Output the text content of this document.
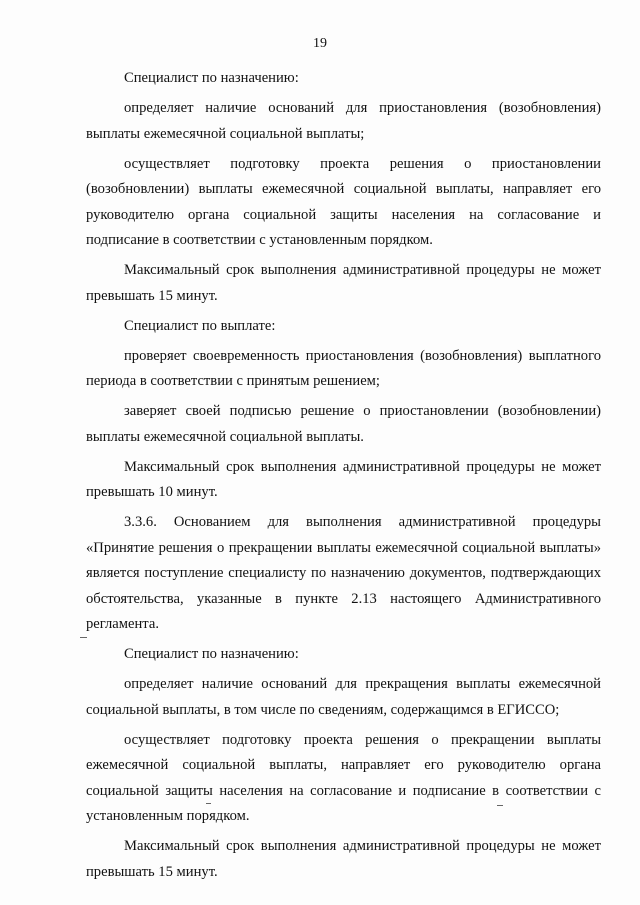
19

Специалист по назначению:

определяет наличие оснований для приостановления (возобновления) выплаты ежемесячной социальной выплаты;

осуществляет подготовку проекта решения о приостановлении (возобновлении) выплаты ежемесячной социальной выплаты, направляет его руководителю органа социальной защиты населения на согласование и подписание в соответствии с установленным порядком.

Максимальный срок выполнения административной процедуры не может превышать 15 минут.

Специалист по выплате:

проверяет своевременность приостановления (возобновления) выплатного периода в соответствии с принятым решением;

заверяет своей подписью решение о приостановлении (возобновлении) выплаты ежемесячной социальной выплаты.

Максимальный срок выполнения административной процедуры не может превышать 10 минут.

3.3.6. Основанием для выполнения административной процедуры «Принятие решения о прекращении выплаты ежемесячной социальной выплаты» является поступление специалисту по назначению документов, подтверждающих обстоятельства, указанные в пункте 2.13 настоящего Административного регламента.

Специалист по назначению:

определяет наличие оснований для прекращения выплаты ежемесячной социальной выплаты, в том числе по сведениям, содержащимся в ЕГИССО;

осуществляет подготовку проекта решения о прекращении выплаты ежемесячной социальной выплаты, направляет его руководителю органа социальной защиты населения на согласование и подписание в соответствии с установленным порядком.

Максимальный срок выполнения административной процедуры не может превышать 15 минут.
